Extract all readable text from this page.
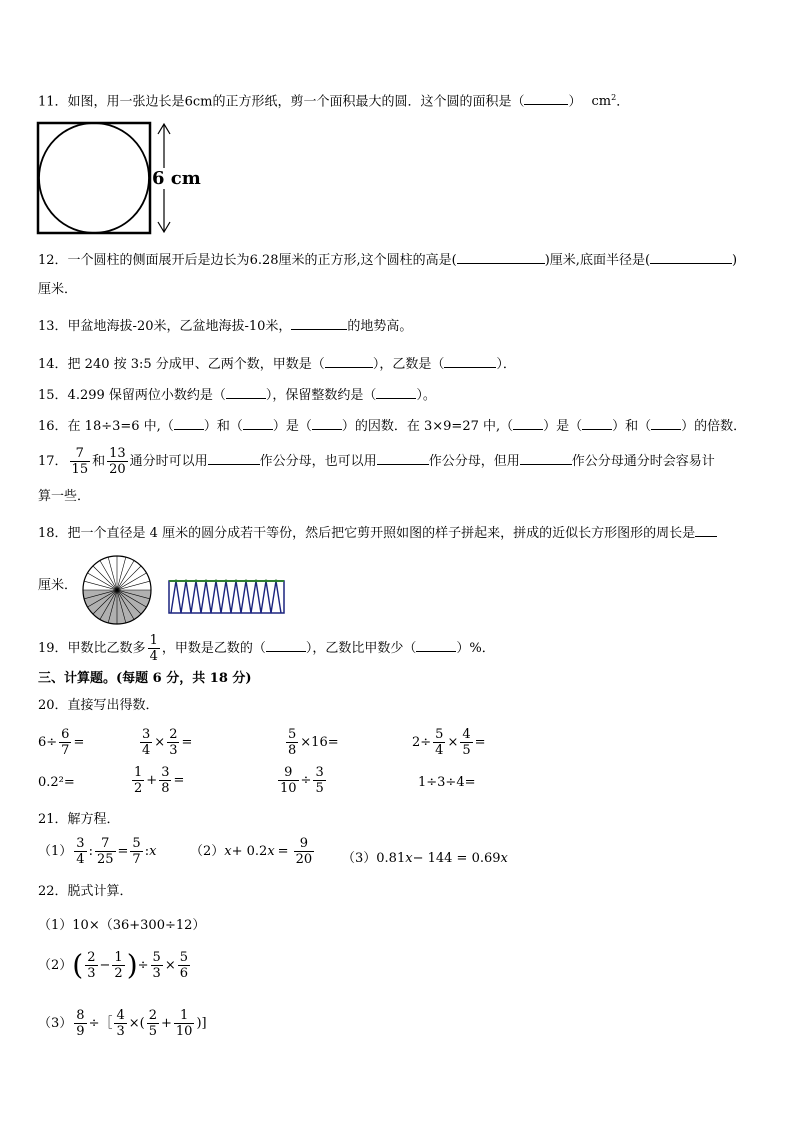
11．如图，用一张边长是6cm的正方形纸，剪一个面积最大的圆．这个圆的面积是（	） $cm^2$．
6 cm
12．一个圆柱的侧面展开后是边长为6.28厘米的正方形,这个圆柱的高是(	)厘米,底面半径是(	)
厘米．
13．甲盆地海拔-20米，乙盆地海拔-10米，	的地势高。
14．把 240 按 3:5 分成甲、乙两个数，甲数是（	），乙数是（	）．
15．4.299 保留两位小数约是（	），保留整数约是（	）。
16．在 18÷3=6 中,（ ）和（ ）是（ ）的因数．在 3×9=27 中,（ ）是（ ）和（ ）的倍数．
17． $\frac{7}{15}$ 和 $\frac{13}{20}$ 通分时可以用	作公分母，也可以用	作公分母，但用	作公分母通分时会容易计
算一些．
18．把一个直径是 4 厘米的圆分成若干等份，然后把它剪开照如图的样子拼起来，拼成的近似长方形图形的周长是
厘米．
19．甲数比乙数多 $\frac{1}{4}$ ，甲数是乙数的（	），乙数比甲数少（	）%．
三、计算题。(每题 6 分，共 18 分)
20．直接写出得数．
$6\div \frac{6}{7}$ =	$\frac{3}{4} \times \frac{2}{3}$ =	$\frac{5}{8} \times 16=$	$2\div \frac{5}{4} \times \frac{4}{5}$ =
0.2²=	$\frac{1}{2} + \frac{3}{8}$ =	$\frac{9}{10} \div \frac{3}{5}$	1÷3÷4=
21．解方程．
$(1) \frac{3}{4}$ : $\frac{7}{25} = \frac{5}{7}$ :x	$(2)x+ 0.2x = \frac{9}{20} (3)0.81x- 144 = 0.69x$
22．脱式计算．
（1）10×（36+300÷12）
$(2)( \frac{2}{3} - \frac{1}{2}$ )÷ $\frac{5}{3} \times \frac{5}{6}$
$(3) \frac{8}{9}$ ÷［ $\frac{4}{3}$ ×( $\frac{2}{5} + \frac{1}{10}$ )]
